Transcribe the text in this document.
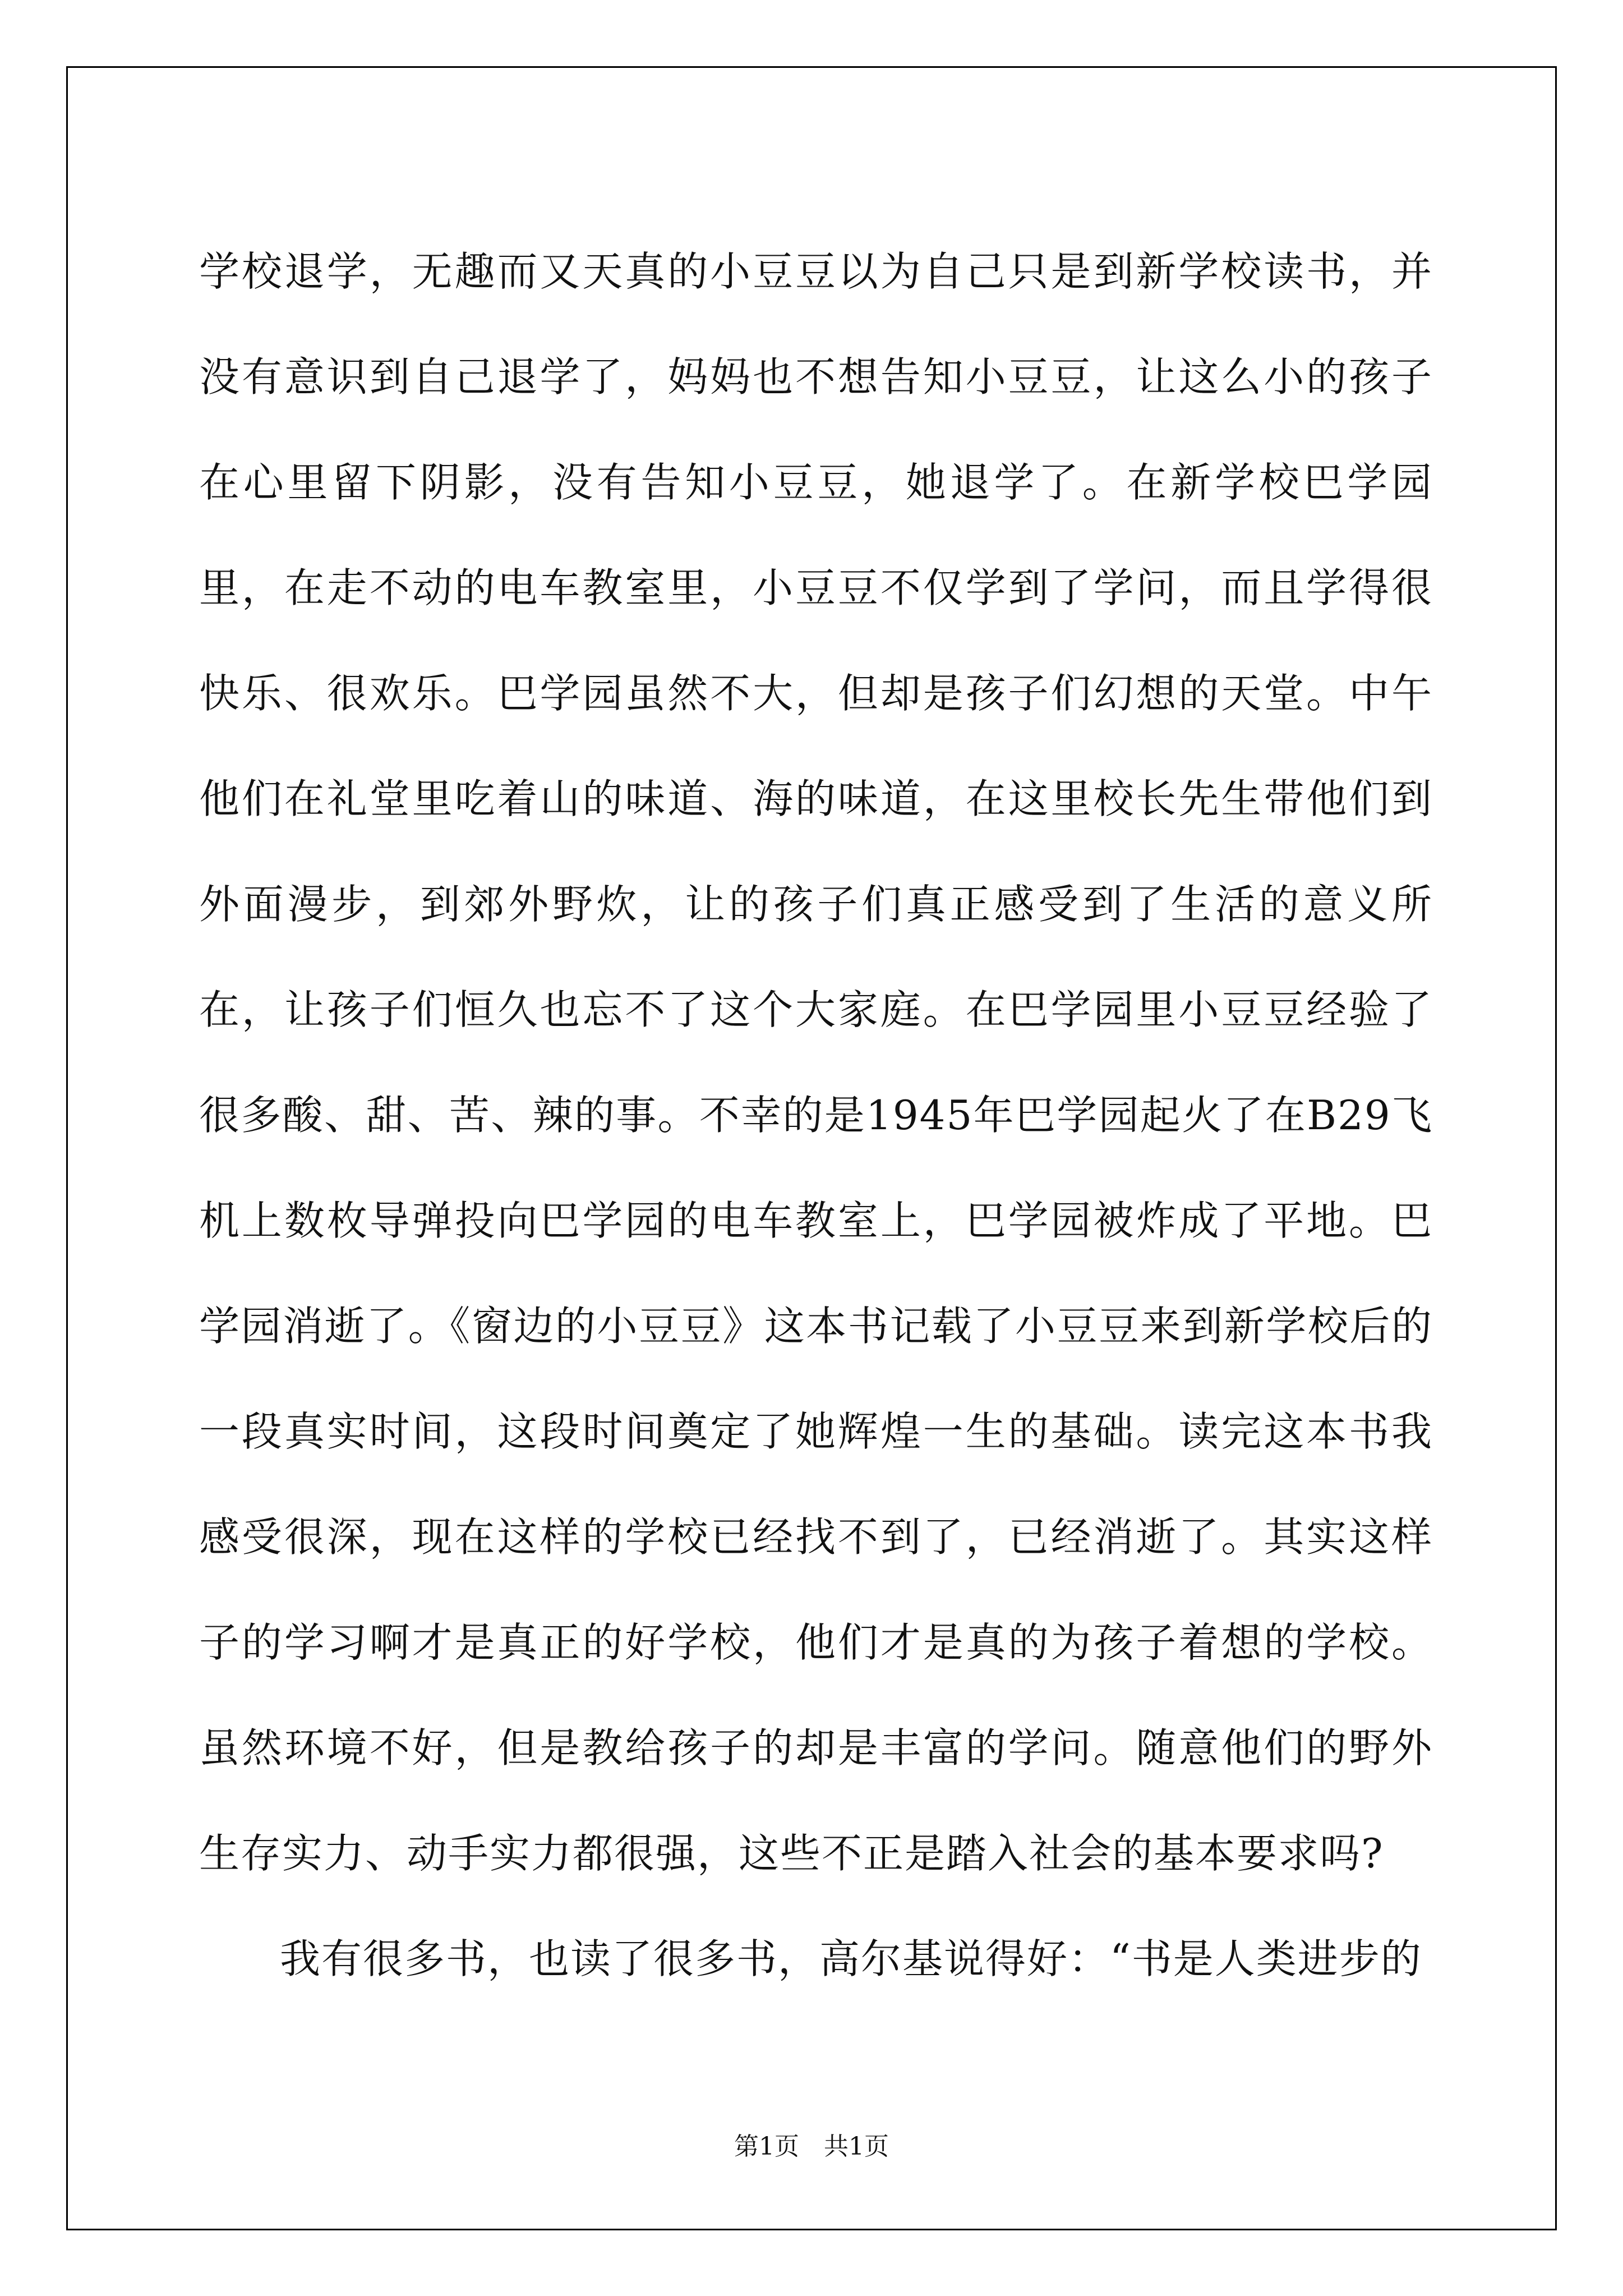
学校退学，无趣而又天真的小豆豆以为自己只是到新学校读书，并没有意识到自己退学了，妈妈也不想告知小豆豆，让这么小的孩子在心里留下阴影，没有告知小豆豆，她退学了。在新学校巴学园里，在走不动的电车教室里，小豆豆不仅学到了学问，而且学得很快乐、很欢乐。巴学园虽然不大，但却是孩子们幻想的天堂。中午他们在礼堂里吃着山的味道、海的味道，在这里校长先生带他们到外面漫步，到郊外野炊，让的孩子们真正感受到了生活的意义所在，让孩子们恒久也忘不了这个大家庭。在巴学园里小豆豆经验了很多酸、甜、苦、辣的事。不幸的是1945年巴学园起火了在B29飞机上数枚导弹投向巴学园的电车教室上，巴学园被炸成了平地。巴学园消逝了。《窗边的小豆豆》这本书记载了小豆豆来到新学校后的一段真实时间，这段时间奠定了她辉煌一生的基础。读完这本书我感受很深，现在这样的学校已经找不到了，已经消逝了。其实这样子的学习啊才是真正的好学校，他们才是真的为孩子着想的学校。虽然环境不好，但是教给孩子的却是丰富的学问。随意他们的野外生存实力、动手实力都很强，这些不正是踏入社会的基本要求吗?

我有很多书，也读了很多书，高尔基说得好：“书是人类进步的

第1页　共1页
